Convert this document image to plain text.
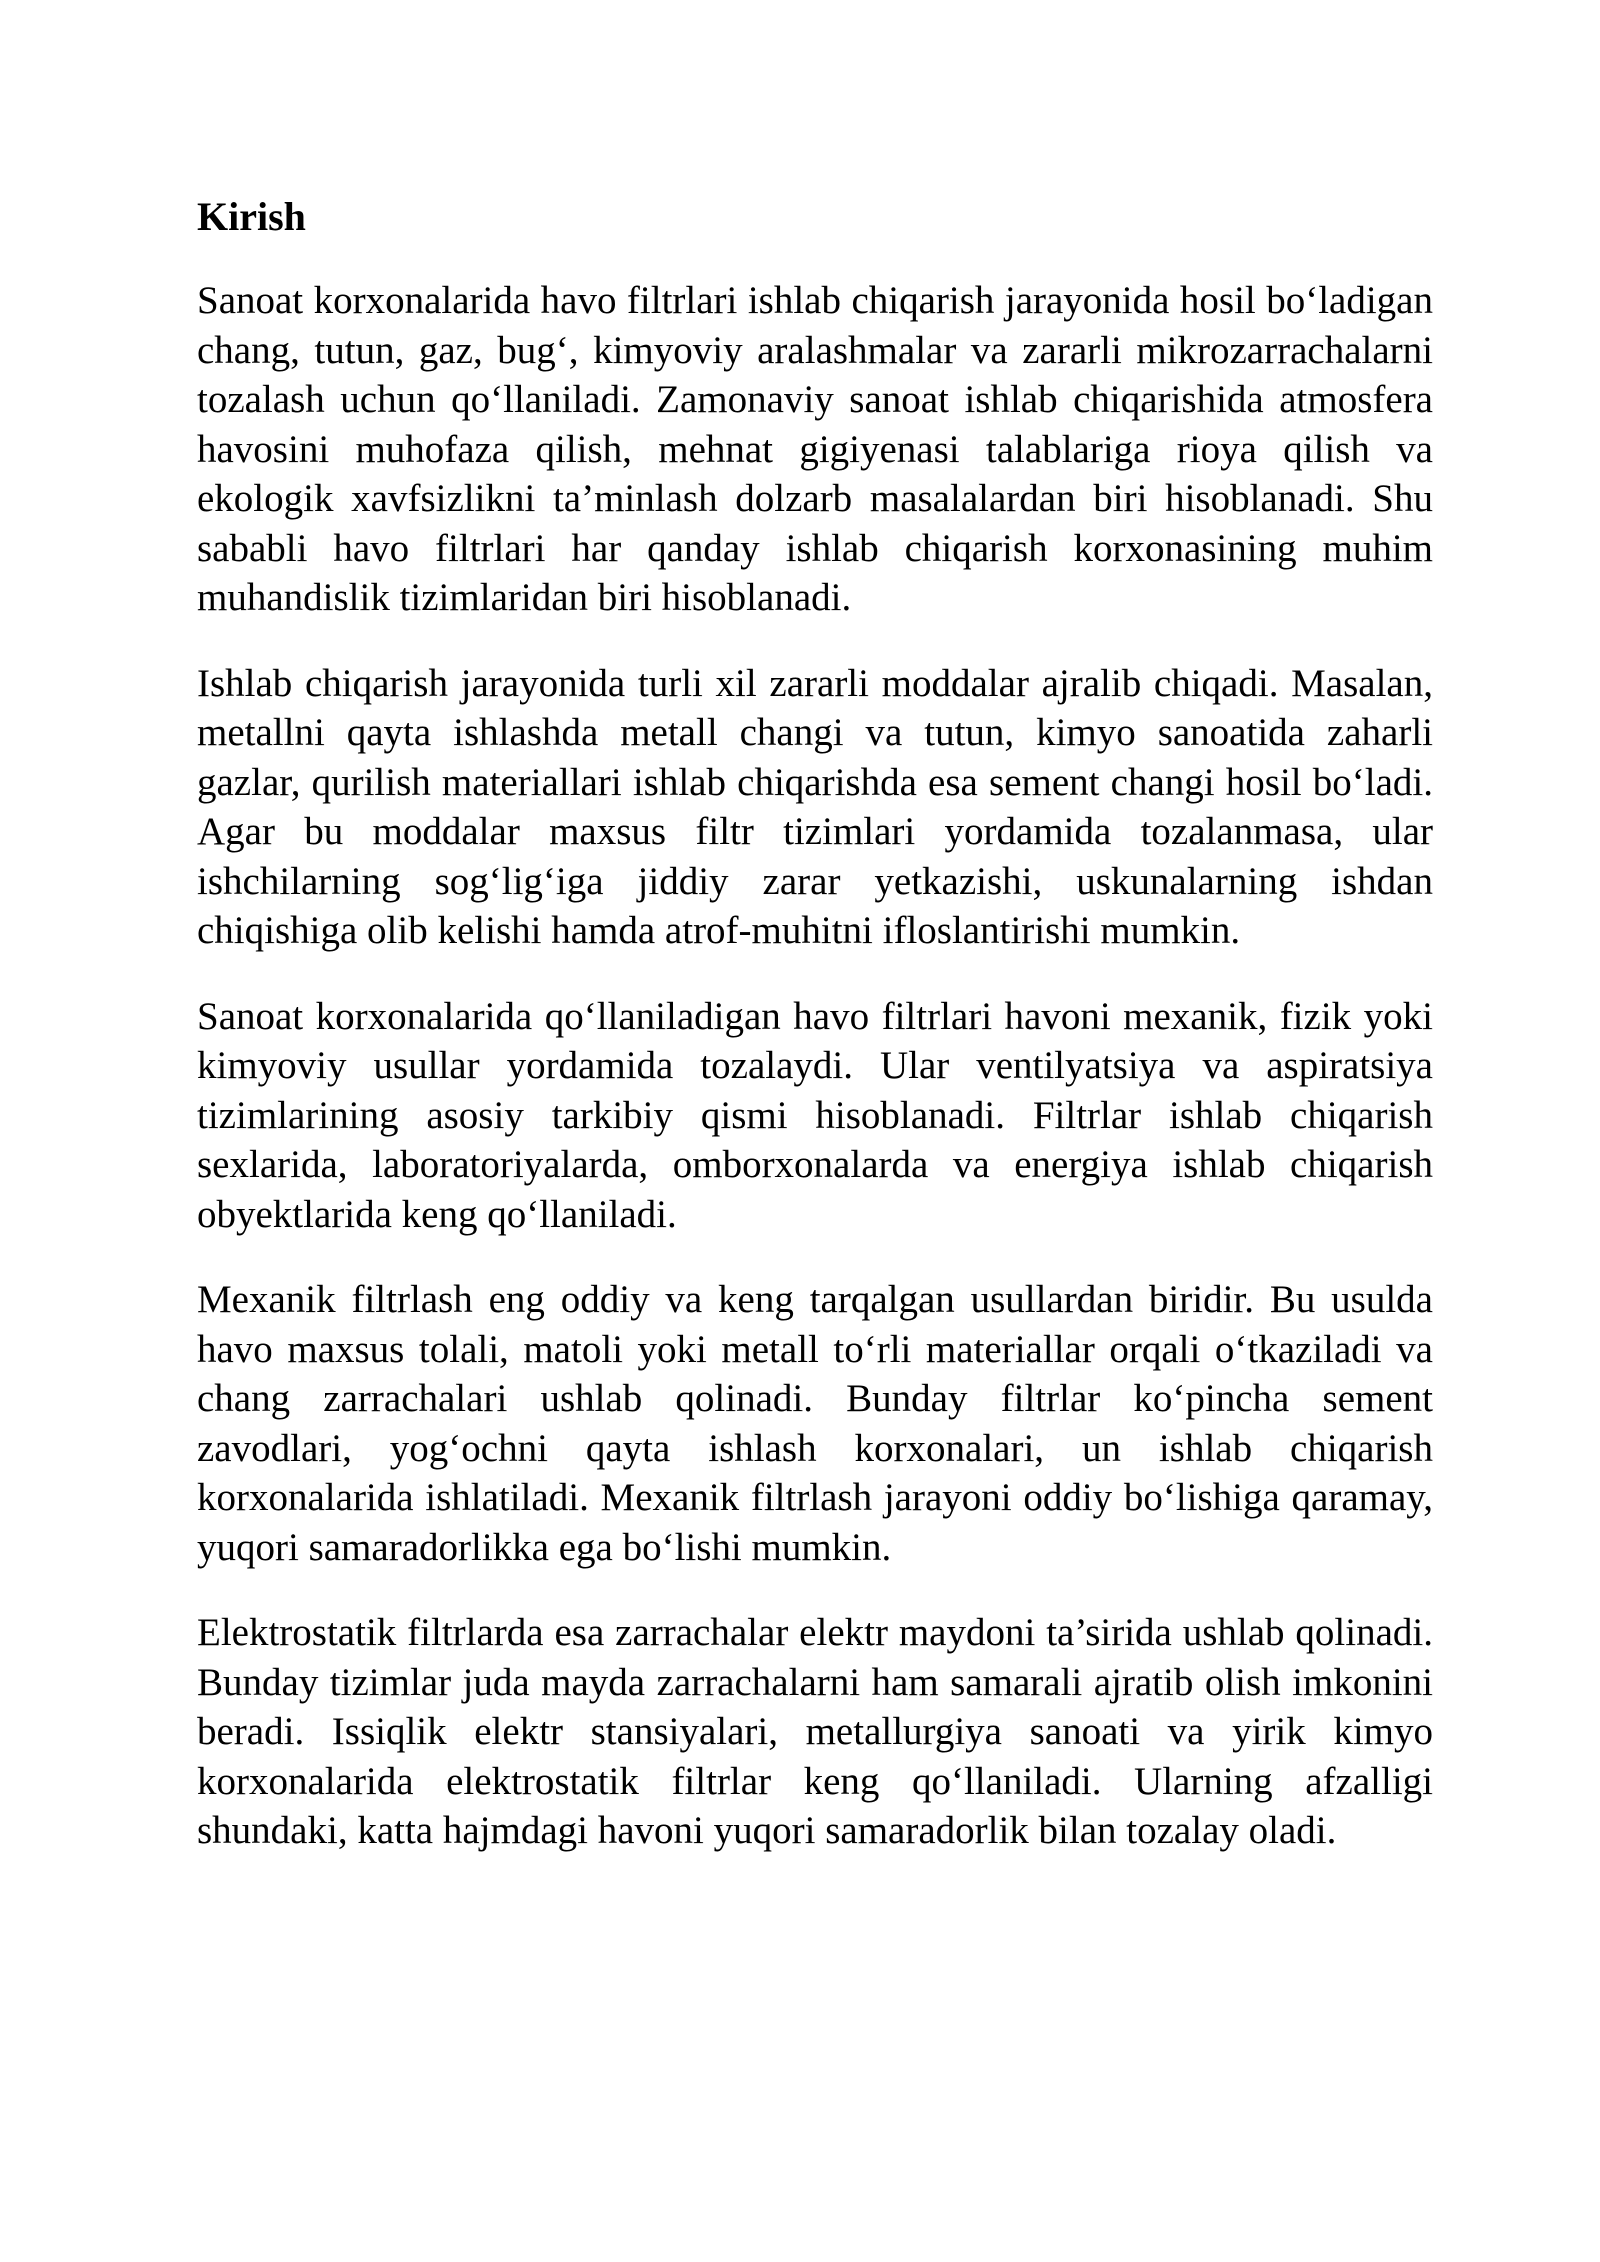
Kirish

Sanoat korxonalarida havo filtrlari ishlab chiqarish jarayonida hosil bo‘ladigan chang, tutun, gaz, bug‘, kimyoviy aralashmalar va zararli mikrozarrachalarni tozalash uchun qo‘llaniladi. Zamonaviy sanoat ishlab chiqarishida atmosfera havosini muhofaza qilish, mehnat gigiyenasi talablariga rioya qilish va ekologik xavfsizlikni ta’minlash dolzarb masalalardan biri hisoblanadi. Shu sababli havo filtrlari har qanday ishlab chiqarish korxonasining muhim muhandislik tizimlaridan biri hisoblanadi.

Ishlab chiqarish jarayonida turli xil zararli moddalar ajralib chiqadi. Masalan, metallni qayta ishlashda metall changi va tutun, kimyo sanoatida zaharli gazlar, qurilish materiallari ishlab chiqarishda esa sement changi hosil bo‘ladi. Agar bu moddalar maxsus filtr tizimlari yordamida tozalanmasa, ular ishchilarning sog‘lig‘iga jiddiy zarar yetkazishi, uskunalarning ishdan chiqishiga olib kelishi hamda atrof-muhitni ifloslantirishi mumkin.

Sanoat korxonalarida qo‘llaniladigan havo filtrlari havoni mexanik, fizik yoki kimyoviy usullar yordamida tozalaydi. Ular ventilyatsiya va aspiratsiya tizimlarining asosiy tarkibiy qismi hisoblanadi. Filtrlar ishlab chiqarish sexlarida, laboratoriyalarda, omborxonalarda va energiya ishlab chiqarish obyektlarida keng qo‘llaniladi.

Mexanik filtrlash eng oddiy va keng tarqalgan usullardan biridir. Bu usulda havo maxsus tolali, matoli yoki metall to‘rli materiallar orqali o‘tkaziladi va chang zarrachalari ushlab qolinadi. Bunday filtrlar ko‘pincha sement zavodlari, yog‘ochni qayta ishlash korxonalari, un ishlab chiqarish korxonalarida ishlatiladi. Mexanik filtrlash jarayoni oddiy bo‘lishiga qaramay, yuqori samaradorlikka ega bo‘lishi mumkin.

Elektrostatik filtrlarda esa zarrachalar elektr maydoni ta’sirida ushlab qolinadi. Bunday tizimlar juda mayda zarrachalarni ham samarali ajratib olish imkonini beradi. Issiqlik elektr stansiyalari, metallurgiya sanoati va yirik kimyo korxonalarida elektrostatik filtrlar keng qo‘llaniladi. Ularning afzalligi shundaki, katta hajmdagi havoni yuqori samaradorlik bilan tozalay oladi.
